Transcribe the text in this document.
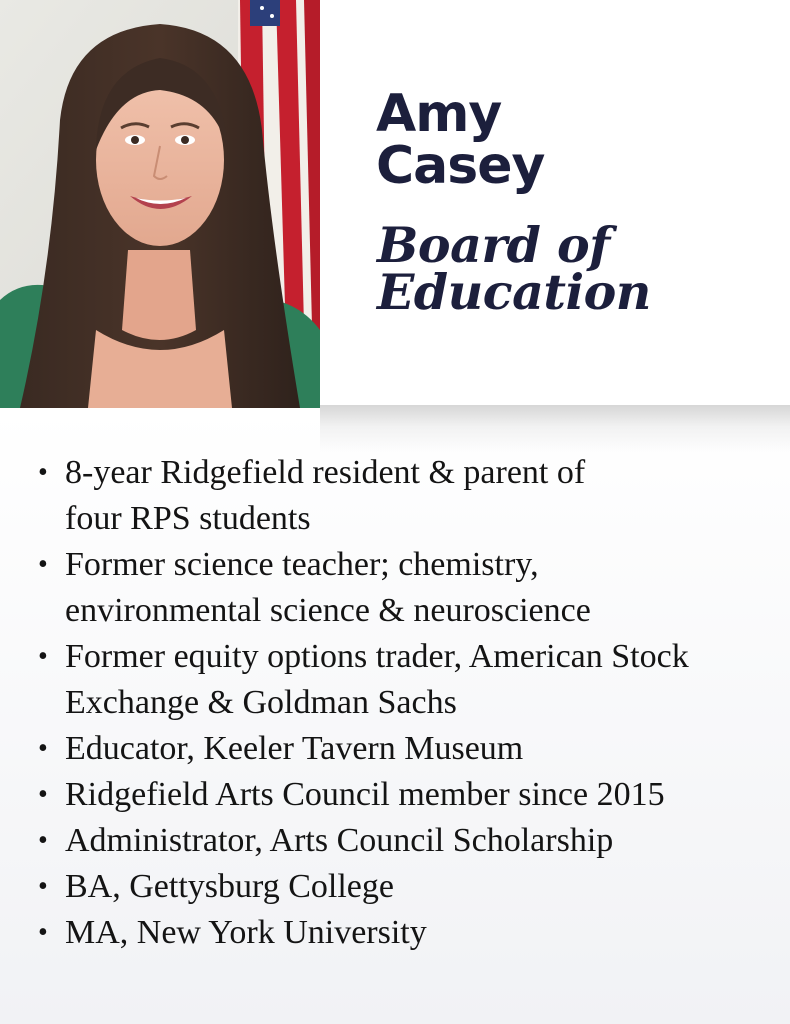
Amy
Casey
Board of
Education
• 8-year Ridgefield resident & parent of
four RPS students
• Former science teacher; chemistry,
environmental science & neuroscience
• Former equity options trader, American Stock
Exchange & Goldman Sachs
• Educator, Keeler Tavern Museum
• Ridgefield Arts Council member since 2015
• Administrator, Arts Council Scholarship
• BA, Gettysburg College
• MA, New York University
